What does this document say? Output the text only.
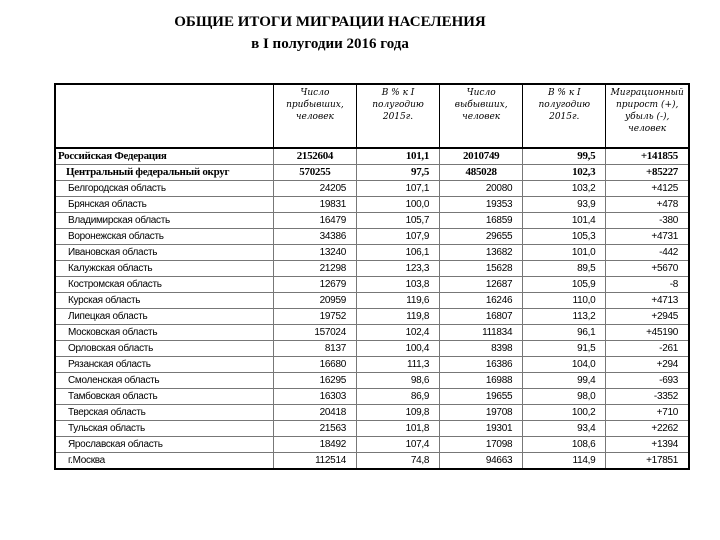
ОБЩИЕ ИТОГИ МИГРАЦИИ НАСЕЛЕНИЯ
в I полугодии 2016 года
	Число прибывших, человек	В % к I полугодию 2015г.	Число выбывших, человек	В % к I полугодию 2015г.	Миграционный прирост (+), убыль (-), человек
Российская Федерация	2152604	101,1	2010749	99,5	+141855
Центральный федеральный округ	570255	97,5	485028	102,3	+85227
Белгородская область	24205	107,1	20080	103,2	+4125
Брянская область	19831	100,0	19353	93,9	+478
Владимирская область	16479	105,7	16859	101,4	-380
Воронежская область	34386	107,9	29655	105,3	+4731
Ивановская область	13240	106,1	13682	101,0	-442
Калужская область	21298	123,3	15628	89,5	+5670
Костромская область	12679	103,8	12687	105,9	-8
Курская область	20959	119,6	16246	110,0	+4713
Липецкая область	19752	119,8	16807	113,2	+2945
Московская область	157024	102,4	111834	96,1	+45190
Орловская область	8137	100,4	8398	91,5	-261
Рязанская область	16680	111,3	16386	104,0	+294
Смоленская область	16295	98,6	16988	99,4	-693
Тамбовская область	16303	86,9	19655	98,0	-3352
Тверская область	20418	109,8	19708	100,2	+710
Тульская область	21563	101,8	19301	93,4	+2262
Ярославская область	18492	107,4	17098	108,6	+1394
г.Москва	112514	74,8	94663	114,9	+17851
